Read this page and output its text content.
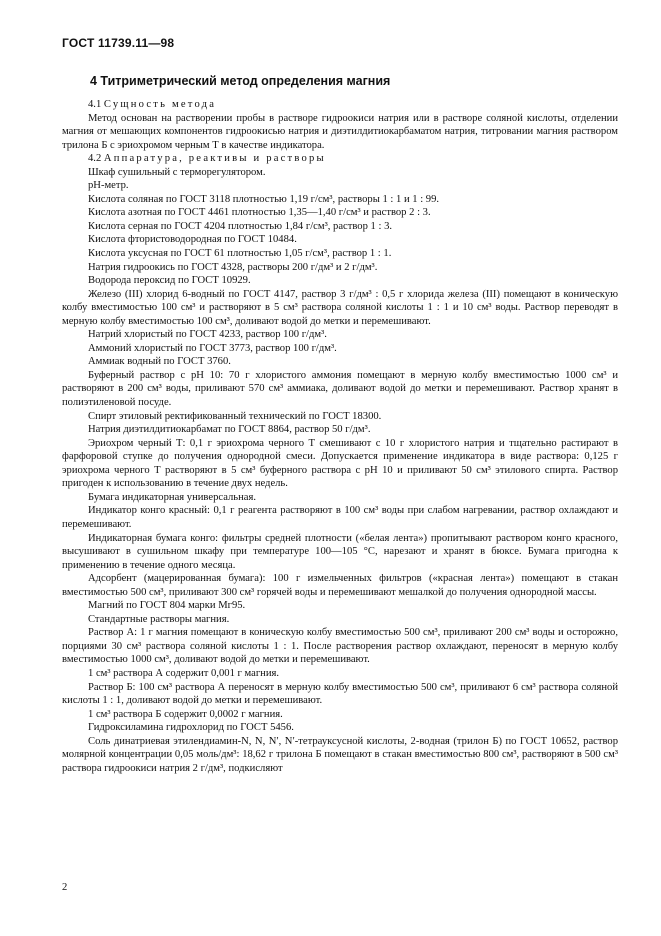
ГОСТ 11739.11—98
4 Титриметрический метод определения магния

4.1 Сущность метода

Метод основан на растворении пробы в растворе гидроокиси натрия или в растворе соляной кислоты, отделении магния от мешающих компонентов гидроокисью натрия и диэтилдитиокарбаматом натрия, титровании магния раствором трилона Б с эриохромом черным Т в качестве индикатора.

4.2 Аппаратура, реактивы и растворы

Шкаф сушильный с терморегулятором.

рН-метр.

Кислота соляная по ГОСТ 3118 плотностью 1,19 г/см³, растворы 1 : 1 и 1 : 99.

Кислота азотная по ГОСТ 4461 плотностью 1,35—1,40 г/см³ и раствор 2 : 3.

Кислота серная по ГОСТ 4204 плотностью 1,84 г/см³, раствор 1 : 3.

Кислота фтористоводородная по ГОСТ 10484.

Кислота уксусная по ГОСТ 61 плотностью 1,05 г/см³, раствор 1 : 1.

Натрия гидроокись по ГОСТ 4328, растворы 200 г/дм³ и 2 г/дм³.

Водорода пероксид по ГОСТ 10929.

Железо (III) хлорид 6-водный по ГОСТ 4147, раствор 3 г/дм³ : 0,5 г хлорида железа (III) помещают в коническую колбу вместимостью 100 см³ и растворяют в 5 см³ раствора соляной кислоты 1 : 1 и 10 см³ воды. Раствор переводят в мерную колбу вместимостью 100 см³, доливают водой до метки и перемешивают.

Натрий хлористый по ГОСТ 4233, раствор 100 г/дм³.

Аммоний хлористый по ГОСТ 3773, раствор 100 г/дм³.

Аммиак водный по ГОСТ 3760.

Буферный раствор с рН 10: 70 г хлористого аммония помещают в мерную колбу вместимостью 1000 см³ и растворяют в 200 см³ воды, приливают 570 см³ аммиака, доливают водой до метки и перемешивают. Раствор хранят в полиэтиленовой посуде.

Спирт этиловый ректификованный технический по ГОСТ 18300.

Натрия диэтилдитиокарбамат по ГОСТ 8864, раствор 50 г/дм³.

Эриохром черный Т: 0,1 г эриохрома черного Т смешивают с 10 г хлористого натрия и тщательно растирают в фарфоровой ступке до получения однородной смеси. Допускается применение индикатора в виде раствора: 0,125 г эриохрома черного Т растворяют в 5 см³ буферного раствора с рН 10 и приливают 50 см³ этилового спирта. Раствор пригоден к использованию в течение двух недель.

Бумага индикаторная универсальная.

Индикатор конго красный: 0,1 г реагента растворяют в 100 см³ воды при слабом нагревании, раствор охлаждают и перемешивают.

Индикаторная бумага конго: фильтры средней плотности («белая лента») пропитывают раствором конго красного, высушивают в сушильном шкафу при температуре 100—105 °С, нарезают и хранят в бюксе. Бумага пригодна к применению в течение одного месяца.

Адсорбент (мацерированная бумага): 100 г измельченных фильтров («красная лента») помещают в стакан вместимостью 500 см³, приливают 300 см³ горячей воды и перемешивают мешалкой до получения однородной массы.

Магний по ГОСТ 804 марки Мг95.

Стандартные растворы магния.

Раствор А: 1 г магния помещают в коническую колбу вместимостью 500 см³, приливают 200 см³ воды и осторожно, порциями 30 см³ раствора соляной кислоты 1 : 1. После растворения раствор охлаждают, переносят в мерную колбу вместимостью 1000 см³, доливают водой до метки и перемешивают.

1 см³ раствора А содержит 0,001 г магния.

Раствор Б: 100 см³ раствора А переносят в мерную колбу вместимостью 500 см³, приливают 6 см³ раствора соляной кислоты 1 : 1, доливают водой до метки и перемешивают.

1 см³ раствора Б содержит 0,0002 г магния.

Гидроксиламина гидрохлорид по ГОСТ 5456.

Соль динатриевая этилендиамин-N, N, N′, N′-тетрауксусной кислоты, 2-водная (трилон Б) по ГОСТ 10652, раствор молярной концентрации 0,05 моль/дм³: 18,62 г трилона Б помещают в стакан вместимостью 800 см³, растворяют в 500 см³ раствора гидроокиси натрия 2 г/дм³, подкисляют

2
